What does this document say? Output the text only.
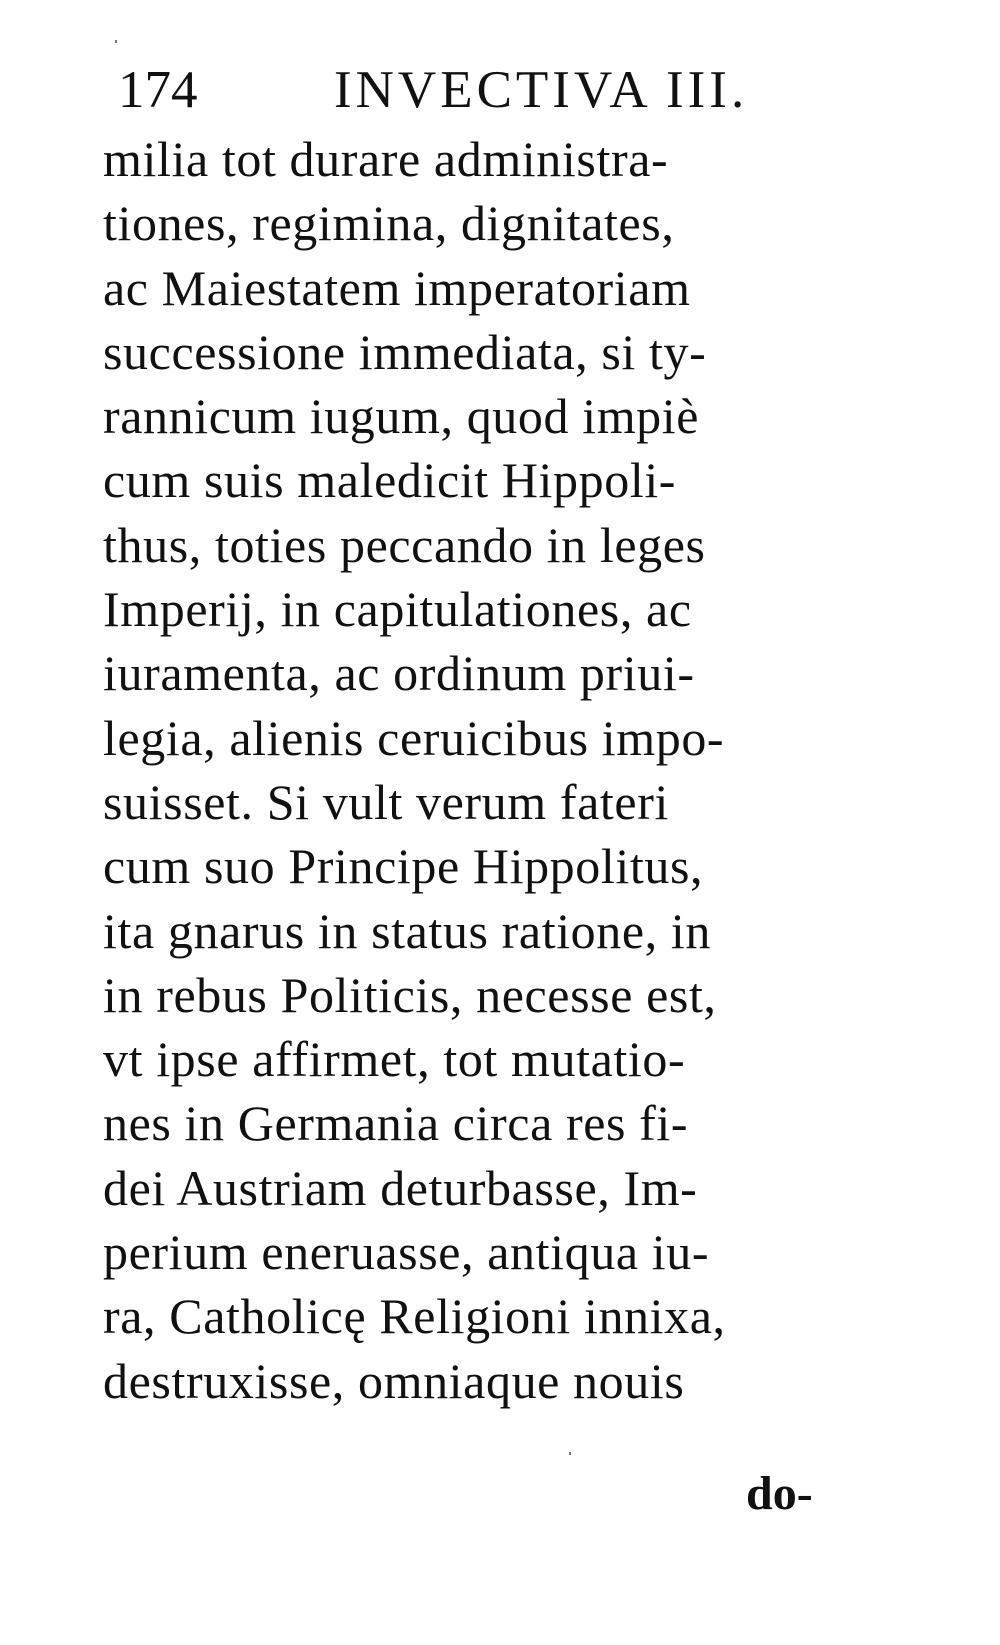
174	INVECTIVA III.
milia tot durare administra-
tiones, regimina, dignitates,
ac Maiestatem imperatoriam
successione immediata, si ty-
rannicum iugum, quod impiè
cum suis maledicit Hippoli-
thus, toties peccando in leges
Imperij, in capitulationes, ac
iuramenta, ac ordinum priui-
legia, alienis ceruicibus impo-
suisset. Si vult verum fateri
cum suo Principe Hippolitus,
ita gnarus in status ratione, in
in rebus Politicis, necesse est,
vt ipse affirmet, tot mutatio-
nes in Germania circa res fi-
dei Austriam deturbasse, Im-
perium eneruasse, antiqua iu-
ra, Catholicę Religioni innixa,
destruxisse, omniaque nouis
do-
